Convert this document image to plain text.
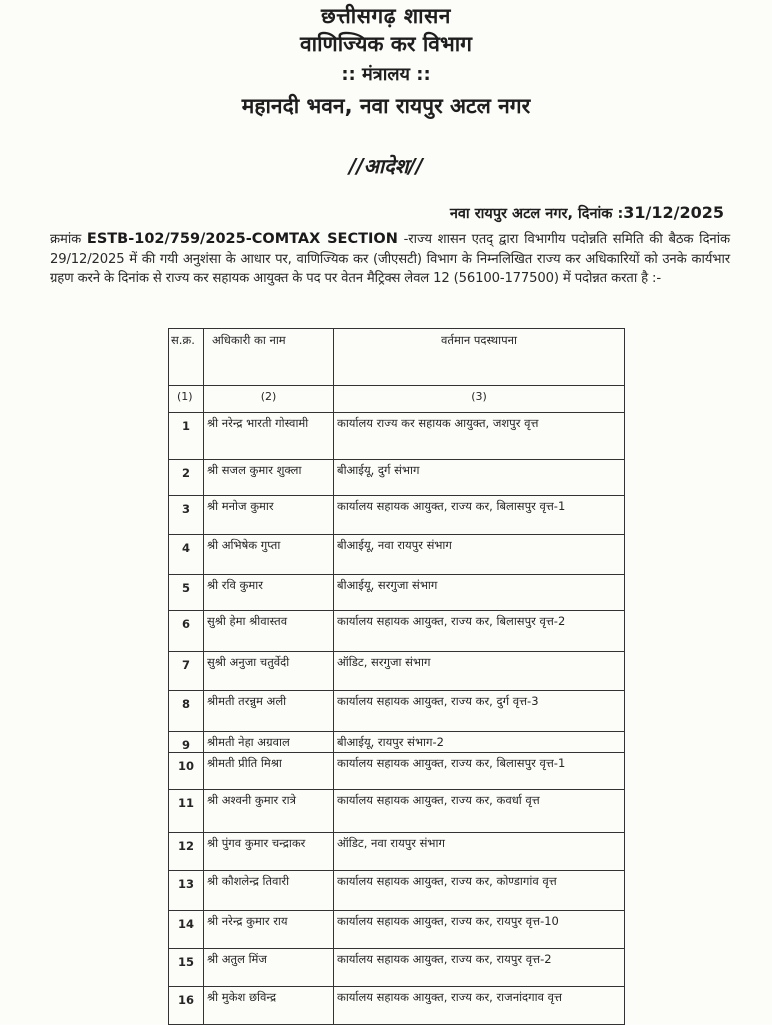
छत्तीसगढ़ शासन
वाणिज्यिक कर विभाग
:: मंत्रालय ::
महानदी भवन, नवा रायपुर अटल नगर
//आदेश//
नवा रायपुर अटल नगर, दिनांक :31/12/2025
क्रमांक ESTB-102/759/2025-COMTAX SECTION -राज्य शासन एतद् द्वारा विभागीय पदोन्नति समिति की बैठक दिनांक 29/12/2025 में की गयी अनुशंसा के आधार पर, वाणिज्यिक कर (जीएसटी) विभाग के निम्नलिखित राज्य कर अधिकारियों को उनके कार्यभार ग्रहण करने के दिनांक से राज्य कर सहायक आयुक्त के पद पर वेतन मैट्रिक्स लेवल 12 (56100-177500) में पदोन्नत करता है :-
स.क्र.	अधिकारी का नाम	वर्तमान पदस्थापना
(1)	(2)	(3)
1	श्री नरेन्द्र भारती गोस्वामी	कार्यालय राज्य कर सहायक आयुक्त, जशपुर वृत्त
2	श्री सजल कुमार शुक्ला	बीआईयू, दुर्ग संभाग
3	श्री मनोज कुमार	कार्यालय सहायक आयुक्त, राज्य कर, बिलासपुर वृत्त-1
4	श्री अभिषेक गुप्ता	बीआईयू, नवा रायपुर संभाग
5	श्री रवि कुमार	बीआईयू, सरगुजा संभाग
6	सुश्री हेमा श्रीवास्तव	कार्यालय सहायक आयुक्त, राज्य कर, बिलासपुर वृत्त-2
7	सुश्री अनुजा चतुर्वेदी	ऑडिट, सरगुजा संभाग
8	श्रीमती तरन्नुम अली	कार्यालय सहायक आयुक्त, राज्य कर, दुर्ग वृत्त-3
9	श्रीमती नेहा अग्रवाल	बीआईयू, रायपुर संभाग-2
10	श्रीमती प्रीति मिश्रा	कार्यालय सहायक आयुक्त, राज्य कर, बिलासपुर वृत्त-1
11	श्री अश्वनी कुमार रात्रे	कार्यालय सहायक आयुक्त, राज्य कर, कवर्धा वृत्त
12	श्री पुंगव कुमार चन्द्राकर	ऑडिट, नवा रायपुर संभाग
13	श्री कौशलेन्द्र तिवारी	कार्यालय सहायक आयुक्त, राज्य कर, कोण्डागांव वृत्त
14	श्री नरेन्द्र कुमार राय	कार्यालय सहायक आयुक्त, राज्य कर, रायपुर वृत्त-10
15	श्री अतुल मिंज	कार्यालय सहायक आयुक्त, राज्य कर, रायपुर वृत्त-2
16	श्री मुकेश छविन्द्र	कार्यालय सहायक आयुक्त, राज्य कर, राजनांदगाव वृत्त
